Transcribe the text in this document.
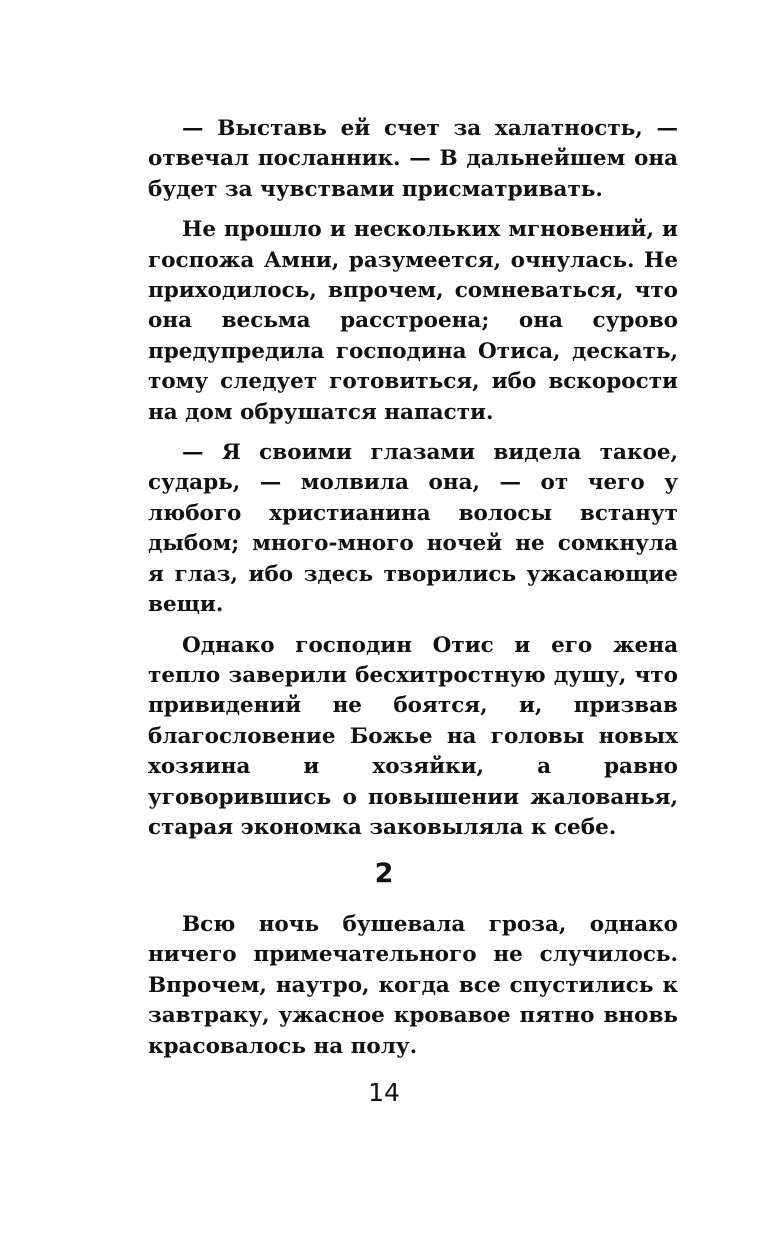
— Выставь ей счет за халатность, — отвечал посланник. — В дальнейшем она будет за чувствами присматривать.

Не прошло и нескольких мгновений, и госпожа Амни, разумеется, очнулась. Не приходилось, впрочем, сомневаться, что она весьма расстроена; она сурово предупредила господина Отиса, дескать, тому следует готовиться, ибо вскорости на дом обрушатся напасти.

— Я своими глазами видела такое, сударь, — молвила она, — от чего у любого христианина волосы встанут дыбом; много-много ночей не сомкнула я глаз, ибо здесь творились ужасающие вещи.

Однако господин Отис и его жена тепло заверили бесхитростную душу, что привидений не боятся, и, призвав благословение Божье на головы новых хозяина и хозяйки, а равно уговорившись о повышении жалованья, старая экономка заковыляла к себе.

2

Всю ночь бушевала гроза, однако ничего примечательного не случилось. Впрочем, наутро, когда все спустились к завтраку, ужасное кровавое пятно вновь красовалось на полу.

14
